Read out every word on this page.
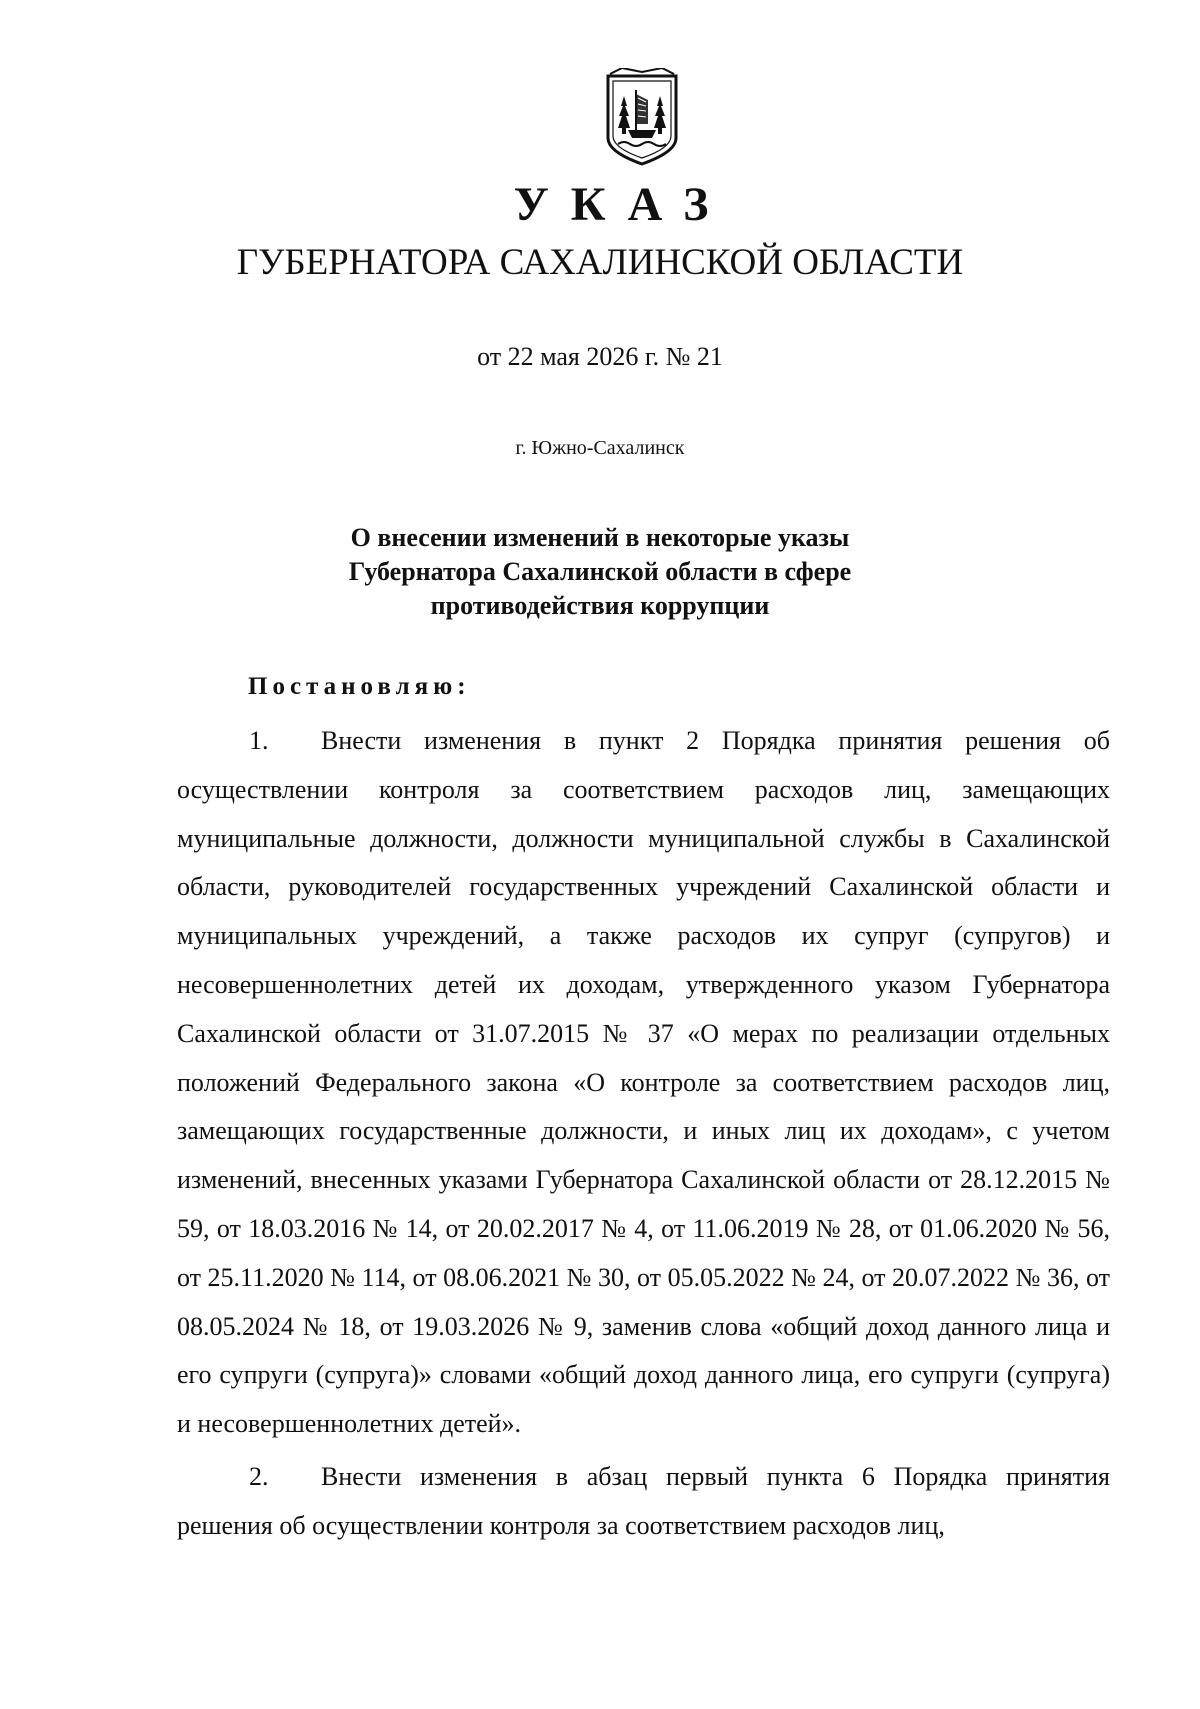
УКАЗ
ГУБЕРНАТОРА САХАЛИНСКОЙ ОБЛАСТИ
от 22 мая 2026 г. № 21
г. Южно-Сахалинск
О внесении изменений в некоторые указы
Губернатора Сахалинской области в сфере
противодействия коррупции
Постановляю:

1. Внести изменения в пункт 2 Порядка принятия решения об осуществлении контроля за соответствием расходов лиц, замещающих муниципальные должности, должности муниципальной службы в Сахалинской области, руководителей государственных учреждений Сахалинской области и муниципальных учреждений, а также расходов их супруг (супругов) и несовершеннолетних детей их доходам, утвержденного указом Губернатора Сахалинской области от 31.07.2015 № 37 «О мерах по реализации отдельных положений Федерального закона «О контроле за соответствием расходов лиц, замещающих государственные должности, и иных лиц их доходам», с учетом изменений, внесенных указами Губернатора Сахалинской области от 28.12.2015 № 59, от 18.03.2016 № 14, от 20.02.2017 № 4, от 11.06.2019 № 28, от 01.06.2020 № 56, от 25.11.2020 № 114, от 08.06.2021 № 30, от 05.05.2022 № 24, от 20.07.2022 № 36, от 08.05.2024 № 18, от 19.03.2026 № 9, заменив слова «общий доход данного лица и его супруги (супруга)» словами «общий доход данного лица, его супруги (супруга) и несовершеннолетних детей».

2. Внести изменения в абзац первый пункта 6 Порядка принятия решения об осуществлении контроля за соответствием расходов лиц,
